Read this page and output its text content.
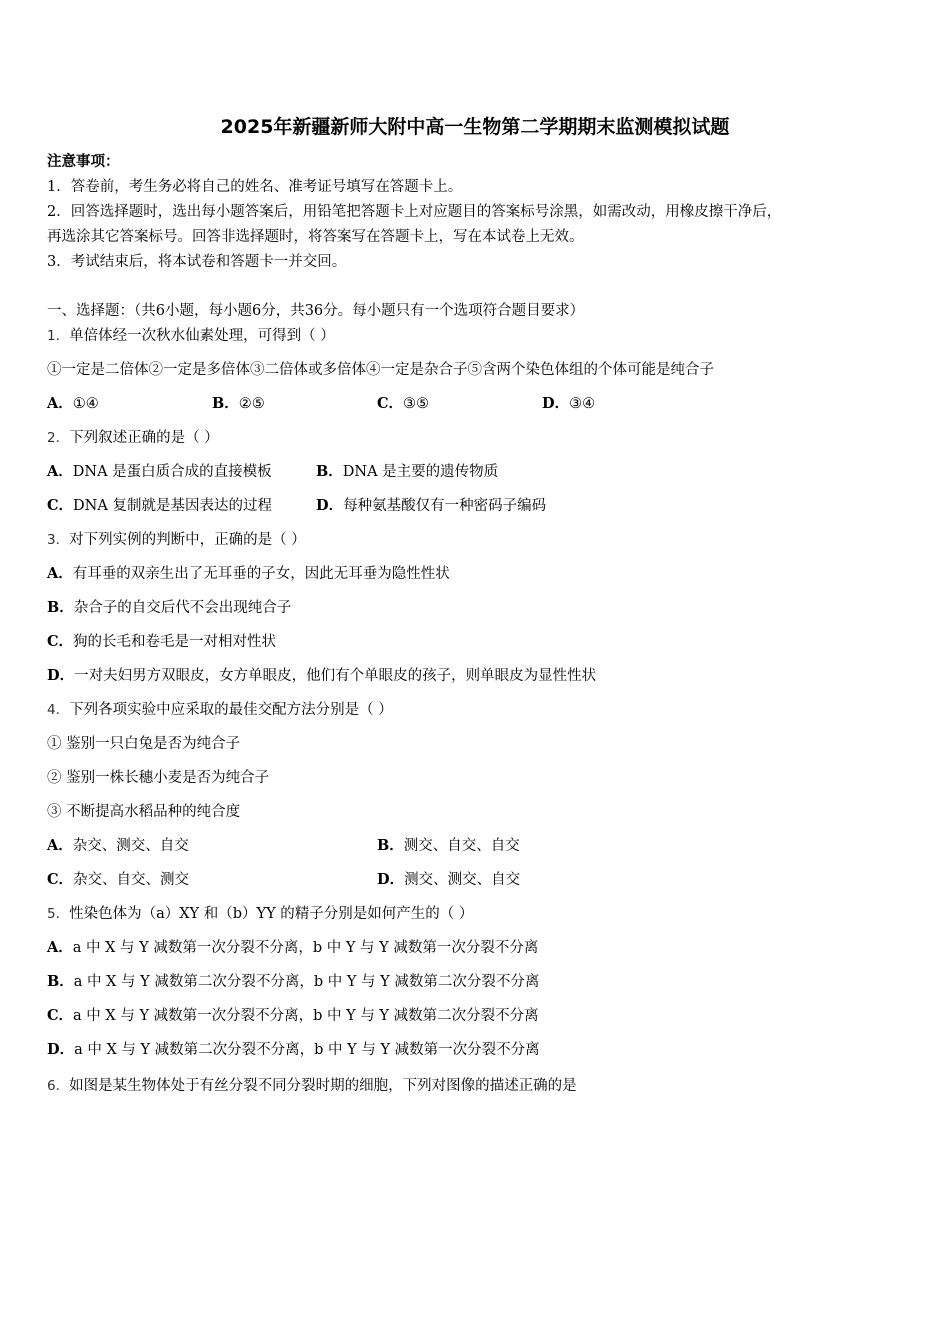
2025年新疆新师大附中高一生物第二学期期末监测模拟试题
注意事项：
1．答卷前，考生务必将自己的姓名、准考证号填写在答题卡上。
2．回答选择题时，选出每小题答案后，用铅笔把答题卡上对应题目的答案标号涂黑，如需改动，用橡皮擦干净后，
再选涂其它答案标号。回答非选择题时，将答案写在答题卡上，写在本试卷上无效。
3．考试结束后，将本试卷和答题卡一并交回。
一、选择题：（共6小题，每小题6分，共36分。每小题只有一个选项符合题目要求）
1．单倍体经一次秋水仙素处理，可得到（ ）
①一定是二倍体②一定是多倍体③二倍体或多倍体④一定是杂合子⑤含两个染色体组的个体可能是纯合子
A．①④	B．②⑤	C．③⑤	D．③④
2．下列叙述正确的是（ ）
A．DNA 是蛋白质合成的直接模板	B．DNA 是主要的遗传物质
C．DNA 复制就是基因表达的过程	D．每种氨基酸仅有一种密码子编码
3．对下列实例的判断中，正确的是（ ）
A．有耳垂的双亲生出了无耳垂的子女，因此无耳垂为隐性性状
B．杂合子的自交后代不会出现纯合子
C．狗的长毛和卷毛是一对相对性状
D．一对夫妇男方双眼皮，女方单眼皮，他们有个单眼皮的孩子，则单眼皮为显性性状
4．下列各项实验中应采取的最佳交配方法分别是（ ）
① 鉴别一只白兔是否为纯合子
② 鉴别一株长穗小麦是否为纯合子
③ 不断提高水稻品种的纯合度
A．杂交、测交、自交	B．测交、自交、自交
C．杂交、自交、测交	D．测交、测交、自交
5．性染色体为（a）XY 和（b）YY 的精子分别是如何产生的（ ）
A．a 中 X 与 Y 减数第一次分裂不分离，b 中 Y 与 Y 减数第一次分裂不分离
B．a 中 X 与 Y 减数第二次分裂不分离，b 中 Y 与 Y 减数第二次分裂不分离
C．a 中 X 与 Y 减数第一次分裂不分离，b 中 Y 与 Y 减数第二次分裂不分离
D．a 中 X 与 Y 减数第二次分裂不分离，b 中 Y 与 Y 减数第一次分裂不分离
6．如图是某生物体处于有丝分裂不同分裂时期的细胞，下列对图像的描述正确的是
